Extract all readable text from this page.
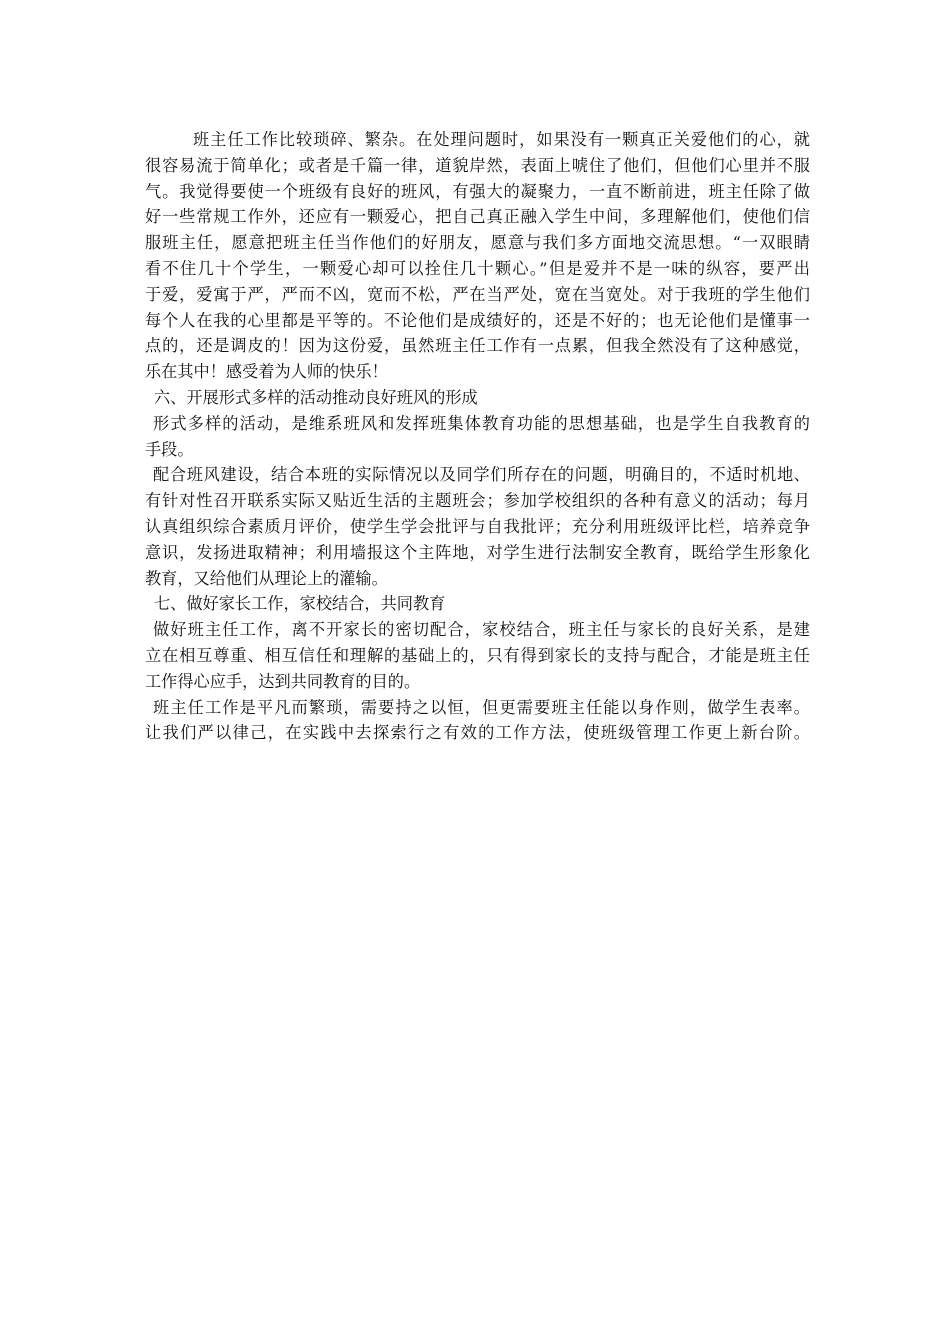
班主任工作比较琐碎、繁杂。在处理问题时，如果没有一颗真正关爱他们的心，就
很容易流于简单化；或者是千篇一律，道貌岸然，表面上唬住了他们，但他们心里并不服
气。我觉得要使一个班级有良好的班风，有强大的凝聚力，一直不断前进，班主任除了做
好一些常规工作外，还应有一颗爱心，把自己真正融入学生中间，多理解他们，使他们信
服班主任，愿意把班主任当作他们的好朋友，愿意与我们多方面地交流思想。“一双眼睛
看不住几十个学生，一颗爱心却可以拴住几十颗心。”但是爱并不是一味的纵容，要严出
于爱，爱寓于严，严而不凶，宽而不松，严在当严处，宽在当宽处。对于我班的学生他们
每个人在我的心里都是平等的。不论他们是成绩好的，还是不好的；也无论他们是懂事一
点的，还是调皮的！因为这份爱，虽然班主任工作有一点累，但我全然没有了这种感觉，
乐在其中！感受着为人师的快乐！
六、开展形式多样的活动推动良好班风的形成
形式多样的活动，是维系班风和发挥班集体教育功能的思想基础，也是学生自我教育的
手段。
配合班风建设，结合本班的实际情况以及同学们所存在的问题，明确目的，不适时机地、
有针对性召开联系实际又贴近生活的主题班会；参加学校组织的各种有意义的活动；每月
认真组织综合素质月评价，使学生学会批评与自我批评；充分利用班级评比栏，培养竞争
意识，发扬进取精神；利用墙报这个主阵地，对学生进行法制安全教育，既给学生形象化
教育，又给他们从理论上的灌输。
七、做好家长工作，家校结合，共同教育
做好班主任工作，离不开家长的密切配合，家校结合，班主任与家长的良好关系，是建
立在相互尊重、相互信任和理解的基础上的，只有得到家长的支持与配合，才能是班主任
工作得心应手，达到共同教育的目的。
班主任工作是平凡而繁琐，需要持之以恒，但更需要班主任能以身作则，做学生表率。
让我们严以律己，在实践中去探索行之有效的工作方法，使班级管理工作更上新台阶。
